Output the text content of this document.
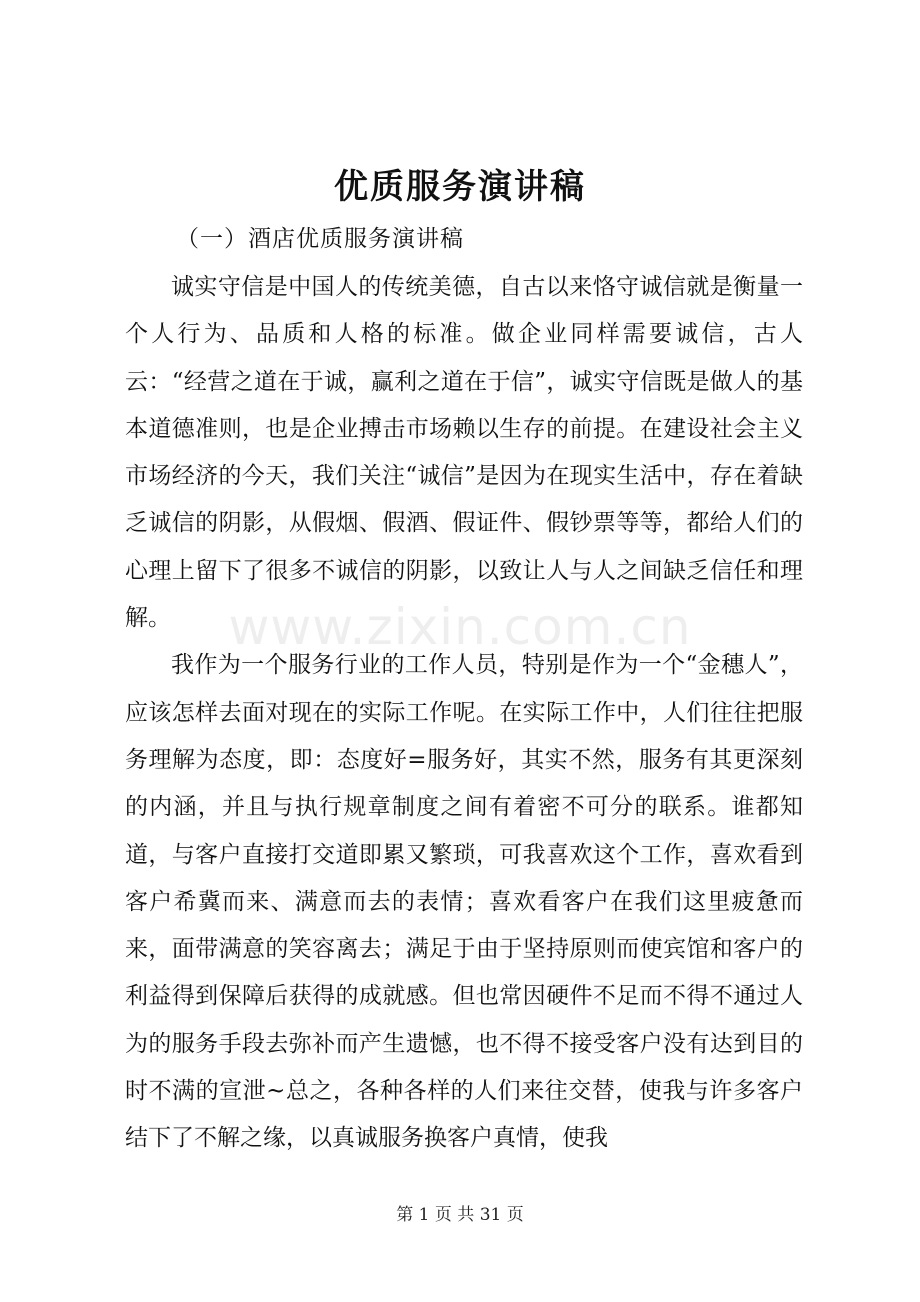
优质服务演讲稿
（一）酒店优质服务演讲稿

诚实守信是中国人的传统美德，自古以来恪守诚信就是衡量一个人行为、品质和人格的标准。做企业同样需要诚信，古人云：“经营之道在于诚，赢利之道在于信”，诚实守信既是做人的基本道德准则，也是企业搏击市场赖以生存的前提。在建设社会主义市场经济的今天，我们关注“诚信”是因为在现实生活中，存在着缺乏诚信的阴影，从假烟、假酒、假证件、假钞票等等，都给人们的心理上留下了很多不诚信的阴影，以致让人与人之间缺乏信任和理解。

我作为一个服务行业的工作人员，特别是作为一个“金穗人”，应该怎样去面对现在的实际工作呢。在实际工作中，人们往往把服务理解为态度，即：态度好=服务好，其实不然，服务有其更深刻的内涵，并且与执行规章制度之间有着密不可分的联系。谁都知道，与客户直接打交道即累又繁琐，可我喜欢这个工作，喜欢看到客户希冀而来、满意而去的表情；喜欢看客户在我们这里疲惫而来，面带满意的笑容离去；满足于由于坚持原则而使宾馆和客户的利益得到保障后获得的成就感。但也常因硬件不足而不得不通过人为的服务手段去弥补而产生遗憾，也不得不接受客户没有达到目的时不满的宣泄~总之，各种各样的人们来往交替，使我与许多客户结下了不解之缘，以真诚服务换客户真情，使我

www.zixin.com.cn
第 1 页 共 31 页
